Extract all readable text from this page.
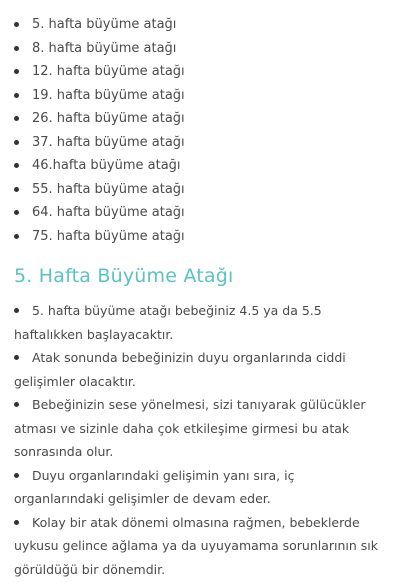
5. hafta büyüme atağı
8. hafta büyüme atağı
12. hafta büyüme atağı
19. hafta büyüme atağı
26. hafta büyüme atağı
37. hafta büyüme atağı
46.hafta büyüme atağı
55. hafta büyüme atağı
64. hafta büyüme atağı
75. hafta büyüme atağı
5. Hafta Büyüme Atağı
5. hafta büyüme atağı bebeğiniz 4.5 ya da 5.5 haftalıkken başlayacaktır.
Atak sonunda bebeğinizin duyu organlarında ciddi gelişimler olacaktır.
Bebeğinizin sese yönelmesi, sizi tanıyarak gülücükler atması ve sizinle daha çok etkileşime girmesi bu atak sonrasında olur.
Duyu organlarındaki gelişimin yanı sıra, iç organlarındaki gelişimler de devam eder.
Kolay bir atak dönemi olmasına rağmen, bebeklerde uykusu gelince ağlama ya da uyuyamama sorunlarının sık görüldüğü bir dönemdir.
